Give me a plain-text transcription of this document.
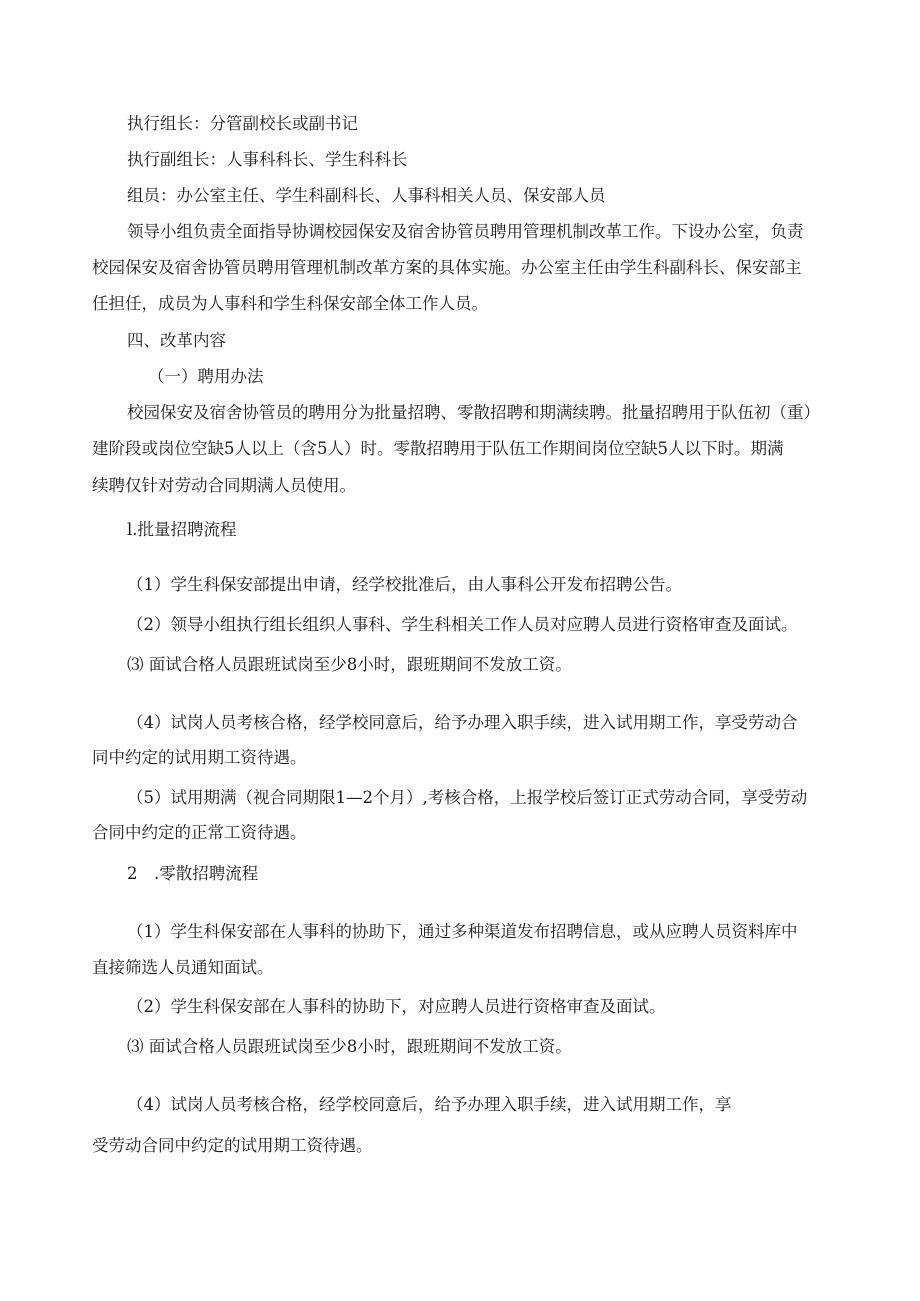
执行组长：分管副校长或副书记
执行副组长：人事科科长、学生科科长
组员：办公室主任、学生科副科长、人事科相关人员、保安部人员
领导小组负责全面指导协调校园保安及宿舍协管员聘用管理机制改革工作。下设办公室，负责
校园保安及宿舍协管员聘用管理机制改革方案的具体实施。办公室主任由学生科副科长、保安部主
任担任，成员为人事科和学生科保安部全体工作人员。
四、改革内容
（一）聘用办法
校园保安及宿舍协管员的聘用分为批量招聘、零散招聘和期满续聘。批量招聘用于队伍初（重）
建阶段或岗位空缺5人以上（含5人）时。零散招聘用于队伍工作期间岗位空缺5人以下时。期满
续聘仅针对劳动合同期满人员使用。
l.批量招聘流程
（1）学生科保安部提出申请，经学校批准后，由人事科公开发布招聘公告。
（2）领导小组执行组长组织人事科、学生科相关工作人员对应聘人员进行资格审查及面试。
⑶ 面试合格人员跟班试岗至少8小时，跟班期间不发放工资。
（4）试岗人员考核合格，经学校同意后，给予办理入职手续，进入试用期工作，享受劳动合
同中约定的试用期工资待遇。
（5）试用期满（视合同期限1—2个月）,考核合格，上报学校后签订正式劳动合同，享受劳动
合同中约定的正常工资待遇。
2　.零散招聘流程
（1）学生科保安部在人事科的协助下，通过多种渠道发布招聘信息，或从应聘人员资料库中
直接筛选人员通知面试。
（2）学生科保安部在人事科的协助下，对应聘人员进行资格审查及面试。
⑶ 面试合格人员跟班试岗至少8小时，跟班期间不发放工资。
（4）试岗人员考核合格，经学校同意后，给予办理入职手续，进入试用期工作，享
受劳动合同中约定的试用期工资待遇。
